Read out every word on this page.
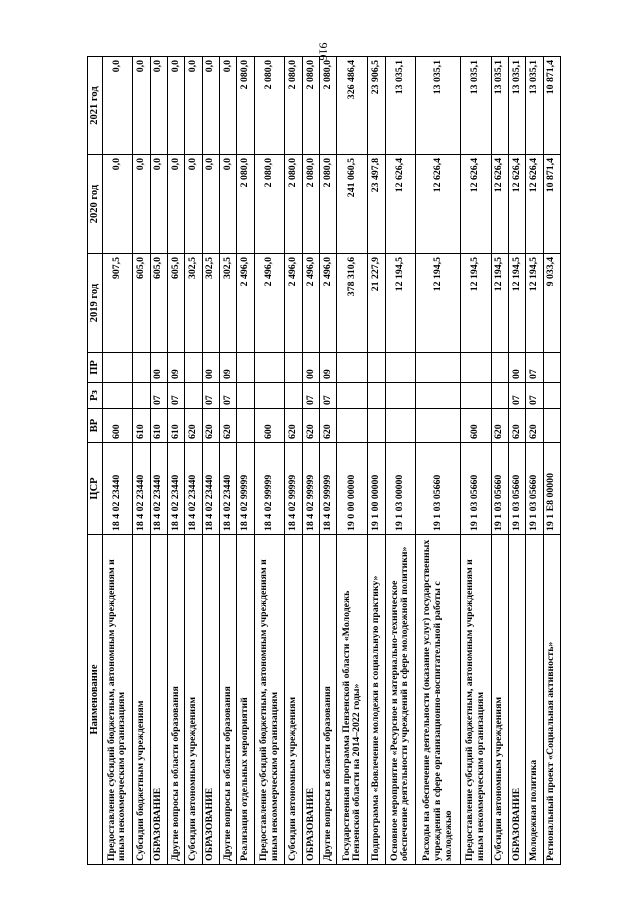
916
Наименование	ЦСР	ВР	Рз	ПР	2019 год	2020 год	2021 год
Предоставление субсидий бюджетным, автономным учреждениям и иным некоммерческим организациям	18 4 02 23440	600			907,5	0,0	0,0
Субсидии бюджетным учреждениям	18 4 02 23440	610			605,0	0,0	0,0
ОБРАЗОВАНИЕ	18 4 02 23440	610	07	00	605,0	0,0	0,0
Другие вопросы в области образования	18 4 02 23440	610	07	09	605,0	0,0	0,0
Субсидии автономным учреждениям	18 4 02 23440	620			302,5	0,0	0,0
ОБРАЗОВАНИЕ	18 4 02 23440	620	07	00	302,5	0,0	0,0
Другие вопросы в области образования	18 4 02 23440	620	07	09	302,5	0,0	0,0
Реализация отдельных мероприятий	18 4 02 99999				2 496,0	2 080,0	2 080,0
Предоставление субсидий бюджетным, автономным учреждениям и иным некоммерческим организациям	18 4 02 99999	600			2 496,0	2 080,0	2 080,0
Субсидии автономным учреждениям	18 4 02 99999	620			2 496,0	2 080,0	2 080,0
ОБРАЗОВАНИЕ	18 4 02 99999	620	07	00	2 496,0	2 080,0	2 080,0
Другие вопросы в области образования	18 4 02 99999	620	07	09	2 496,0	2 080,0	2 080,0
Государственная программа Пензенской области «Молодежь Пензенской области на 2014–2022 годы»	19 0 00 00000				378 310,6	241 060,5	326 486,4
Подпрограмма «Вовлечение молодежи в социальную практику»	19 1 00 00000				21 227,9	23 497,8	23 906,5
Основное мероприятие «Ресурсное и материально-техническое обеспечение деятельности учреждений в сфере молодежной политики»	19 1 03 00000				12 194,5	12 626,4	13 035,1
Расходы на обеспечение деятельности (оказание услуг) государственных учреждений в сфере организационно-воспитательной работы с молодежью	19 1 03 05660				12 194,5	12 626,4	13 035,1
Предоставление субсидий бюджетным, автономным учреждениям и иным некоммерческим организациям	19 1 03 05660	600			12 194,5	12 626,4	13 035,1
Субсидии автономным учреждениям	19 1 03 05660	620			12 194,5	12 626,4	13 035,1
ОБРАЗОВАНИЕ	19 1 03 05660	620	07	00	12 194,5	12 626,4	13 035,1
Молодежная политика	19 1 03 05660	620	07	07	12 194,5	12 626,4	13 035,1
Региональный проект «Социальная активность»	19 1 E8 00000				9 033,4	10 871,4	10 871,4
